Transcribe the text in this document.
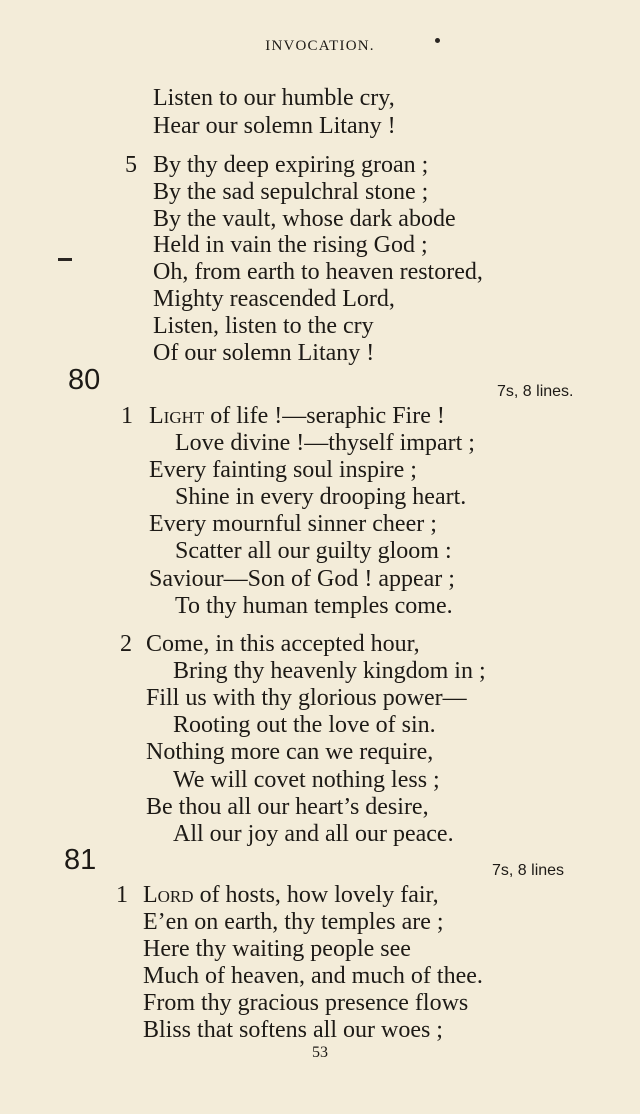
INVOCATION.
Listen to our humble cry,
Hear our solemn Litany !
5 By thy deep expiring groan ;
By the sad sepulchral stone ;
By the vault, whose dark abode
Held in vain the rising God ;
Oh, from earth to heaven restored,
Mighty reascended Lord,
Listen, listen to the cry
Of our solemn Litany !
80	7s, 8 lines.
1 Light of life !—seraphic Fire !
Love divine !—thyself impart ;
Every fainting soul inspire ;
Shine in every drooping heart.
Every mournful sinner cheer ;
Scatter all our guilty gloom :
Saviour—Son of God ! appear ;
To thy human temples come.
2 Come, in this accepted hour,
Bring thy heavenly kingdom in ;
Fill us with thy glorious power—
Rooting out the love of sin.
Nothing more can we require,
We will covet nothing less ;
Be thou all our heart’s desire,
All our joy and all our peace.
81	7s, 8 lines
1 Lord of hosts, how lovely fair,
E’en on earth, thy temples are ;
Here thy waiting people see
Much of heaven, and much of thee.
From thy gracious presence flows
Bliss that softens all our woes ;
53
